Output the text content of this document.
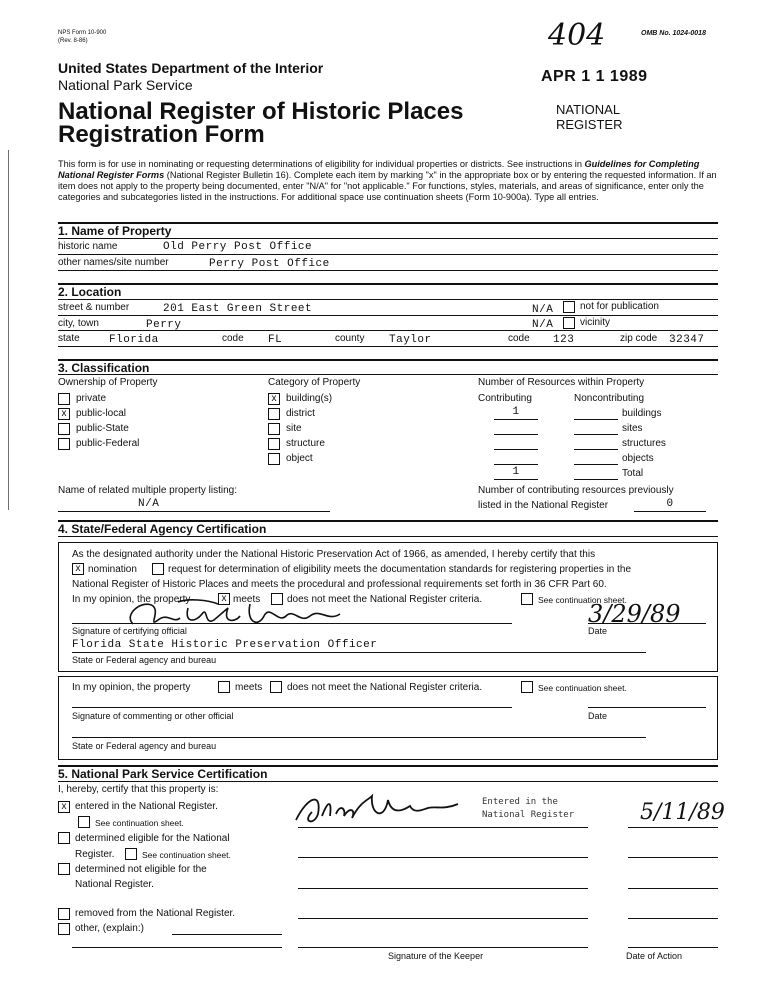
NPS Form 10-900
(Rev. 8-86)	404	OMB No. 1024-0018
United States Department of the Interior
National Park Service
National Register of Historic Places
Registration Form
APR 1 1 1989
NATIONAL
REGISTER
This form is for use in nominating or requesting determinations of eligibility for individual properties or districts. See instructions in Guidelines for Completing National Register Forms (National Register Bulletin 16). Complete each item by marking "x" in the appropriate box or by entering the requested information. If an item does not apply to the property being documented, enter "N/A" for "not applicable." For functions, styles, materials, and areas of significance, enter only the categories and subcategories listed in the instructions. For additional space use continuation sheets (Form 10-900a). Type all entries.
1. Name of Property
historic name	Old Perry Post Office
other names/site number	Perry Post Office
2. Location
street & number	201 East Green Street	N/A	not for publication
city, town	Perry	N/A	vicinity
state	Florida	code FL	county Taylor	code 123	zip code 32347
3. Classification
Ownership of Property
private
x public-local
public-State
public-Federal
Category of Property
x building(s)
district
site
structure
object
Number of Resources within Property
Contributing	Noncontributing
1	buildings
sites
structures
objects
1	Total
Name of related multiple property listing:
N/A
Number of contributing resources previously
listed in the National Register	0
4. State/Federal Agency Certification
As the designated authority under the National Historic Preservation Act of 1966, as amended, I hereby certify that this
x nomination	request for determination of eligibility meets the documentation standards for registering properties in the
National Register of Historic Places and meets the procedural and professional requirements set forth in 36 CFR Part 60.
In my opinion, the property	x meets	does not meet the National Register criteria.	See continuation sheet.
3/29/89
Signature of certifying official	Date
Florida State Historic Preservation Officer
State or Federal agency and bureau
In my opinion, the property	meets does not meet the National Register criteria.	See continuation sheet.
Signature of commenting or other official	Date
State or Federal agency and bureau
5. National Park Service Certification
I, hereby, certify that this property is:
x entered in the National Register.
See continuation sheet.
determined eligible for the National
Register.	See continuation sheet.
determined not eligible for the
National Register.
removed from the National Register.
other, (explain:)
Entered in the
National Register	5/11/89
Signature of the Keeper	Date of Action
